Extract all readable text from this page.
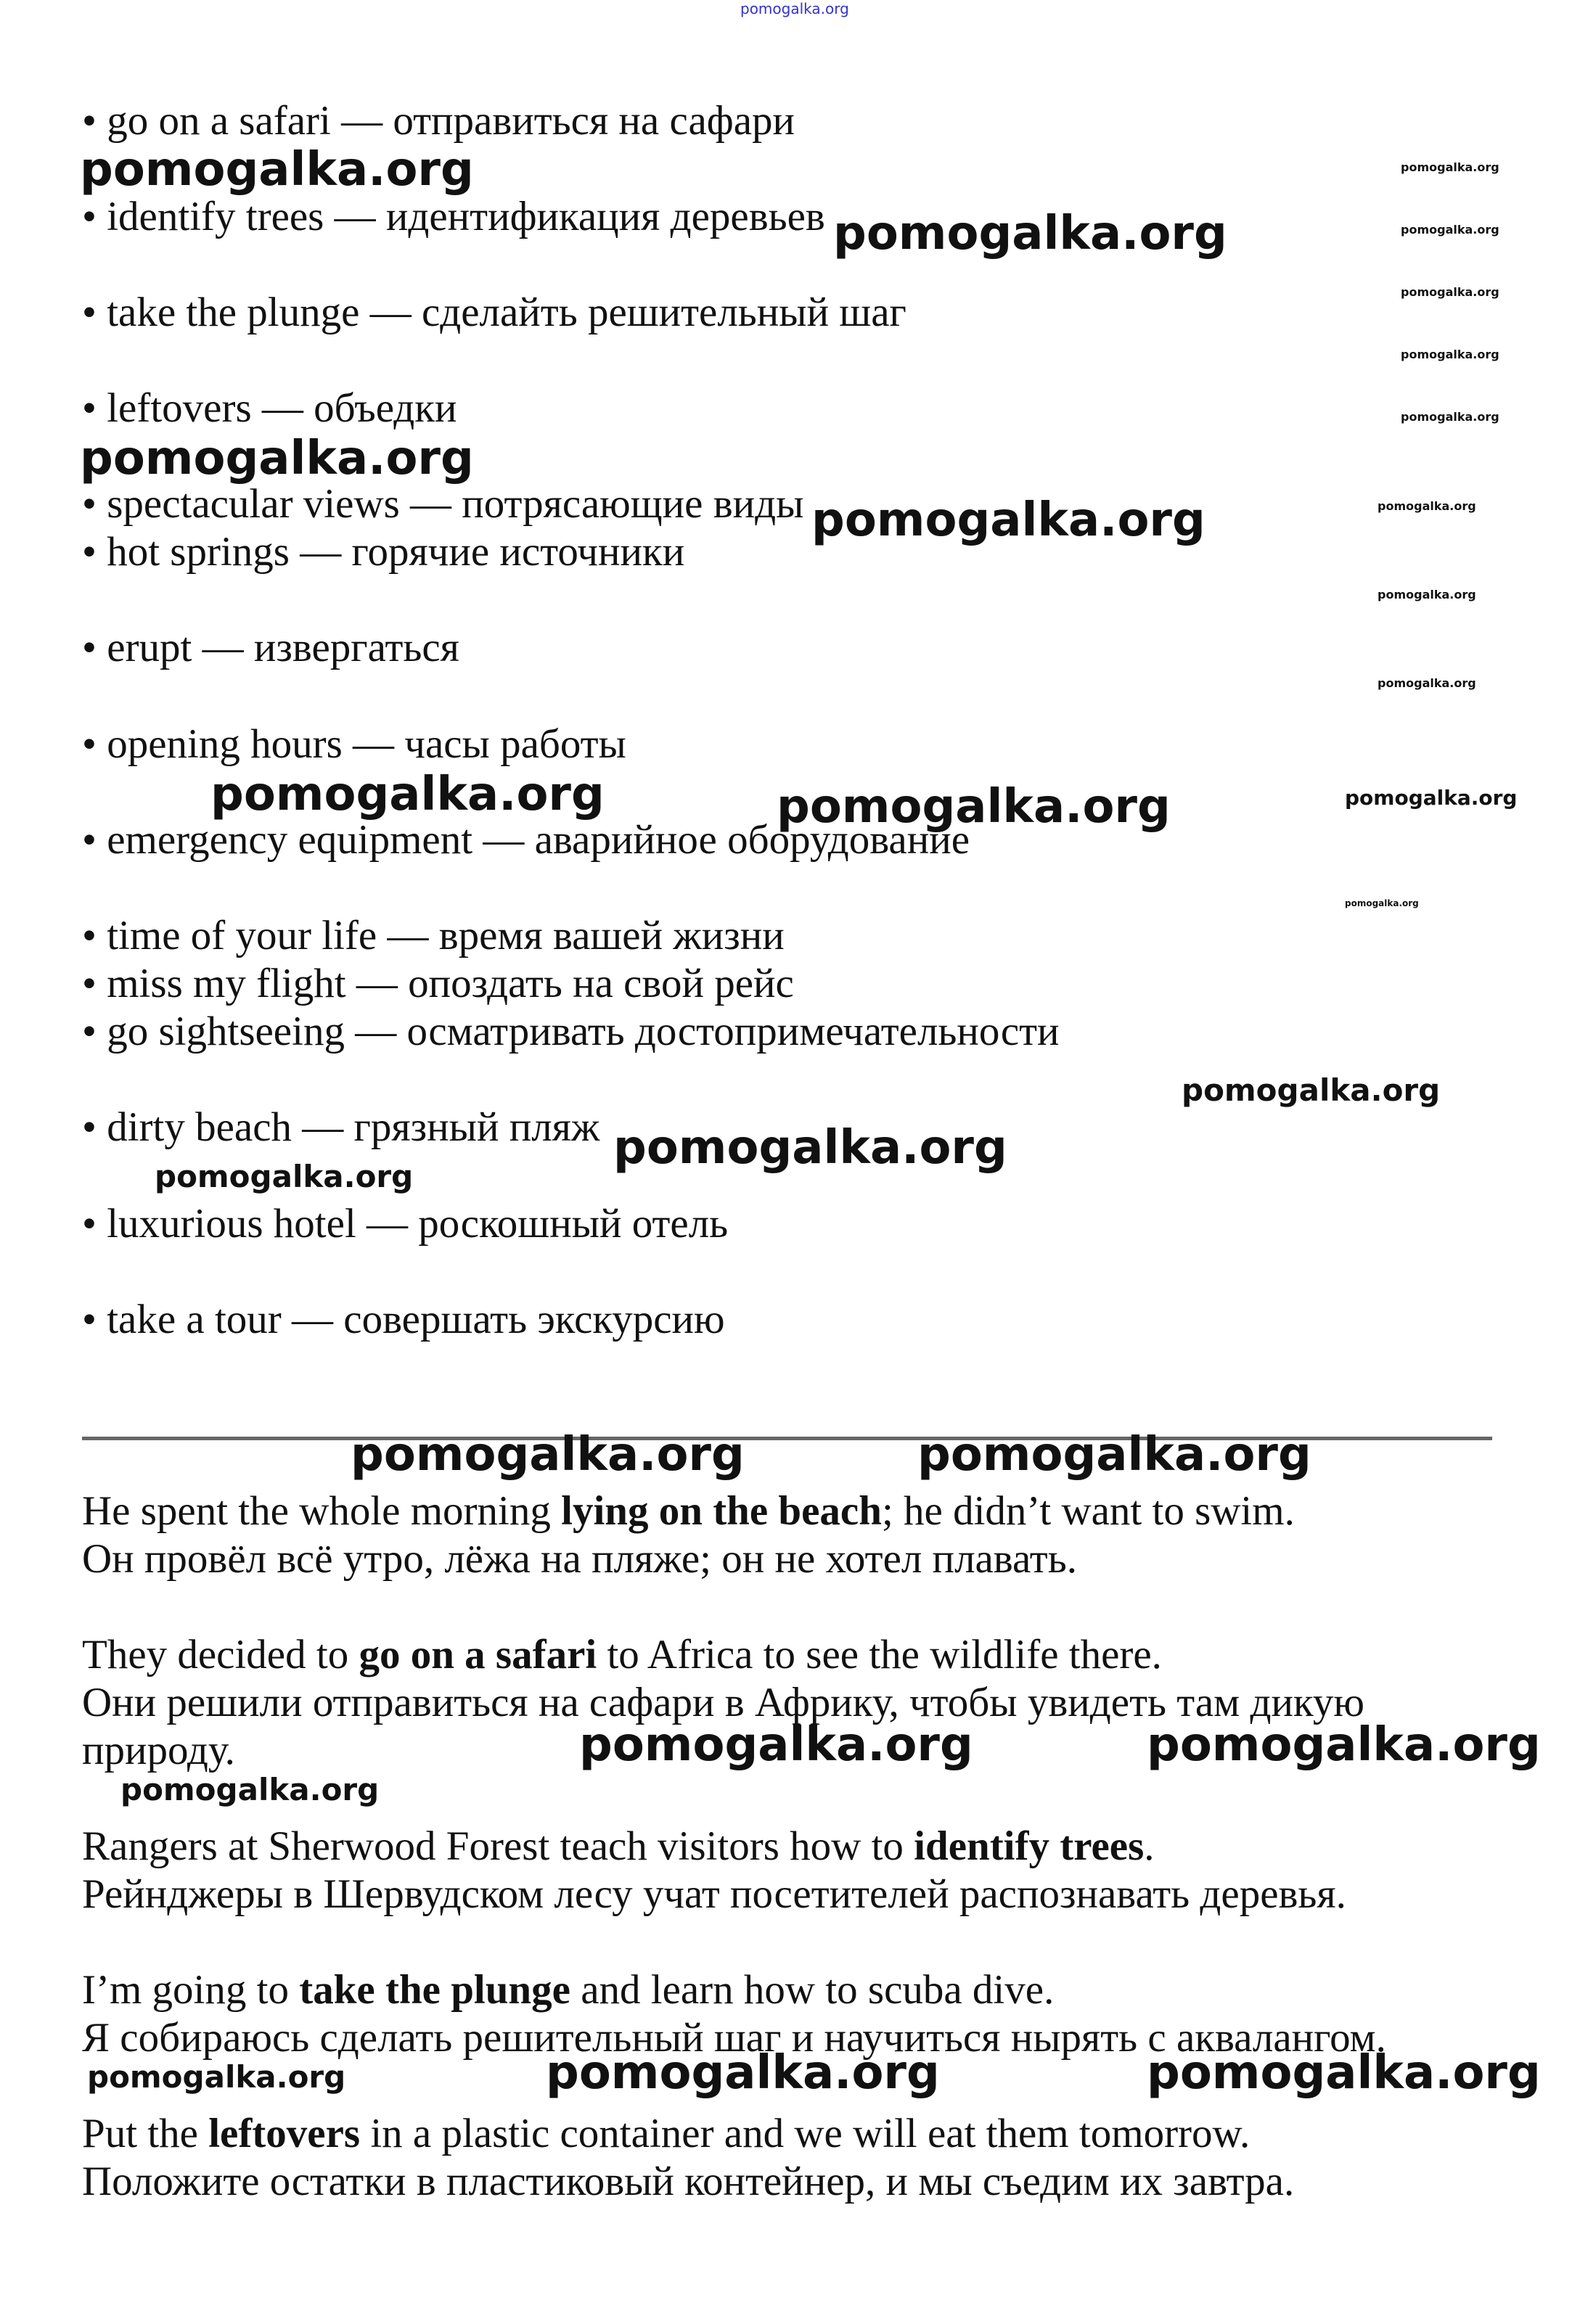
pomogalka.org
• go on a safari — отправиться на сафари
• identify trees — идентификация деревьев
• take the plunge — сделайть решительный шаг
• leftovers — объедки
• spectacular views — потрясающие виды
• hot springs — горячие источники
• erupt — извергаться
• opening hours — часы работы
• emergency equipment — аварийное оборудование
• time of your life — время вашей жизни
• miss my flight — опоздать на свой рейс
• go sightseeing — осматривать достопримечательности
• dirty beach — грязный пляж
• luxurious hotel — роскошный отель
• take a tour — совершать экскурсию
He spent the whole morning lying on the beach; he didn’t want to swim.
Он провёл всё утро, лёжа на пляже; он не хотел плавать.
They decided to go on a safari to Africa to see the wildlife there.
Они решили отправиться на сафари в Африку, чтобы увидеть там дикую
природу.
Rangers at Sherwood Forest teach visitors how to identify trees.
Рейнджеры в Шервудском лесу учат посетителей распознавать деревья.
I’m going to take the plunge and learn how to scuba dive.
Я собираюсь сделать решительный шаг и научиться нырять с аквалангом.
Put the leftovers in a plastic container and we will eat them tomorrow.
Положите остатки в пластиковый контейнер, и мы съедим их завтра.
pomogalka.org
pomogalka.org
pomogalka.org
pomogalka.org
pomogalka.org	pomogalka.org
pomogalka.org
pomogalka.org	pomogalka.org
pomogalka.org	pomogalka.org
pomogalka.org	pomogalka.org
pomogalka.org
pomogalka.org
pomogalka.org
pomogalka.org
pomogalka.org
pomogalka.org
pomogalka.org
pomogalka.org
pomogalka.org
pomogalka.org
pomogalka.org
pomogalka.org
pomogalka.org
pomogalka.org
